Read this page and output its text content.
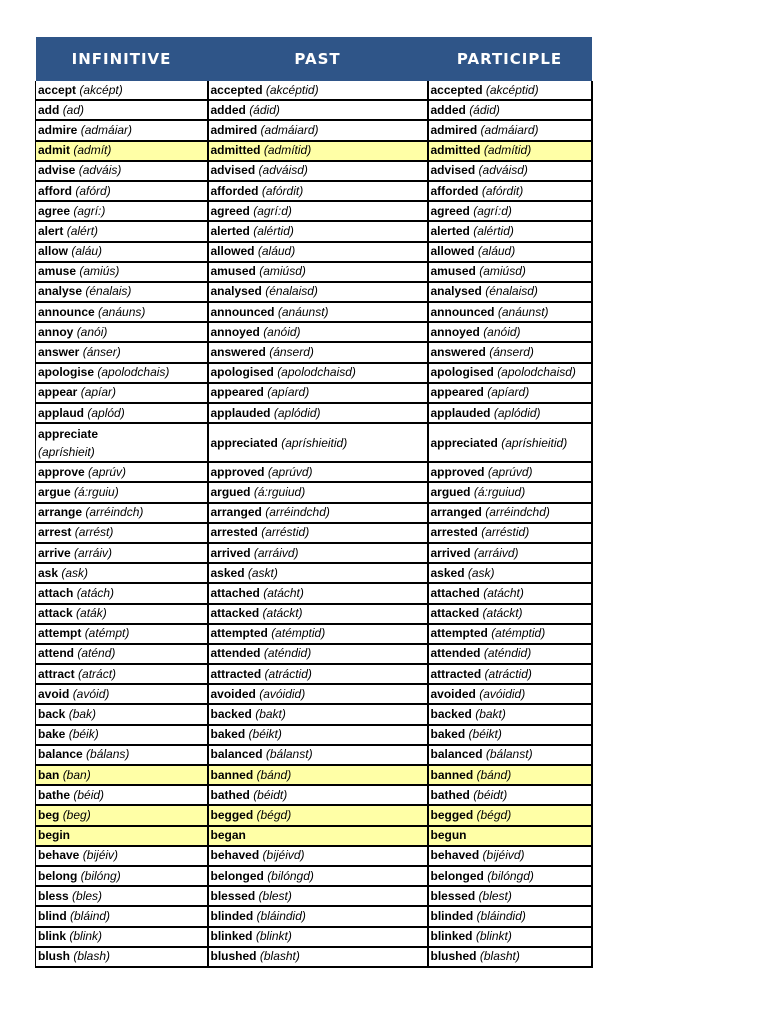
INFINITIVE	PAST	PARTICIPLE
accept (akcépt)	accepted (akcéptid)	accepted (akcéptid)
add (ad)	added (ádid)	added (ádid)
admire (admáiar)	admired (admáiard)	admired (admáiard)
admit (admít)	admitted (admítid)	admitted (admítid)
advise (adváis)	advised (adváisd)	advised (adváisd)
afford (afórd)	afforded (afórdit)	afforded (afórdit)
agree (agrí:)	agreed (agrí:d)	agreed (agrí:d)
alert (alért)	alerted (alértid)	alerted (alértid)
allow (aláu)	allowed (aláud)	allowed (aláud)
amuse (amiús)	amused (amiúsd)	amused (amiúsd)
analyse (énalais)	analysed (énalaisd)	analysed (énalaisd)
announce (anáuns)	announced (anáunst)	announced (anáunst)
annoy (anói)	annoyed (anóid)	annoyed (anóid)
answer (ánser)	answered (ánserd)	answered (ánserd)
apologise (apolodchais)	apologised (apolodchaisd)	apologised (apolodchaisd)
appear (apíar)	appeared (apíard)	appeared (apíard)
applaud (aplód)	applauded (aplódid)	applauded (aplódid)
appreciate
(apríshieit)	appreciated (apríshieitid)	appreciated (apríshieitid)
approve (aprúv)	approved (aprúvd)	approved (aprúvd)
argue (á:rguiu)	argued (á:rguiud)	argued (á:rguiud)
arrange (arréindch)	arranged (arréindchd)	arranged (arréindchd)
arrest (arrést)	arrested (arréstid)	arrested (arréstid)
arrive (arráiv)	arrived (arráivd)	arrived (arráivd)
ask (ask)	asked (askt)	asked (ask)
attach (atách)	attached (atácht)	attached (atácht)
attack (aták)	attacked (atáckt)	attacked (atáckt)
attempt (atémpt)	attempted (atémptid)	attempted (atémptid)
attend (aténd)	attended (aténdid)	attended (aténdid)
attract (atráct)	attracted (atráctid)	attracted (atráctid)
avoid (avóid)	avoided (avóidid)	avoided (avóidid)
back (bak)	backed (bakt)	backed (bakt)
bake (béik)	baked (béikt)	baked (béikt)
balance (bálans)	balanced (bálanst)	balanced (bálanst)
ban (ban)	banned (bánd)	banned (bánd)
bathe (béid)	bathed (béidt)	bathed (béidt)
beg (beg)	begged (bégd)	begged (bégd)
begin	began	begun
behave (bijéiv)	behaved (bijéivd)	behaved (bijéivd)
belong (bilóng)	belonged (bilóngd)	belonged (bilóngd)
bless (bles)	blessed (blest)	blessed (blest)
blind (bláind)	blinded (bláindid)	blinded (bláindid)
blink (blink)	blinked (blinkt)	blinked (blinkt)
blush (blash)	blushed (blasht)	blushed (blasht)
